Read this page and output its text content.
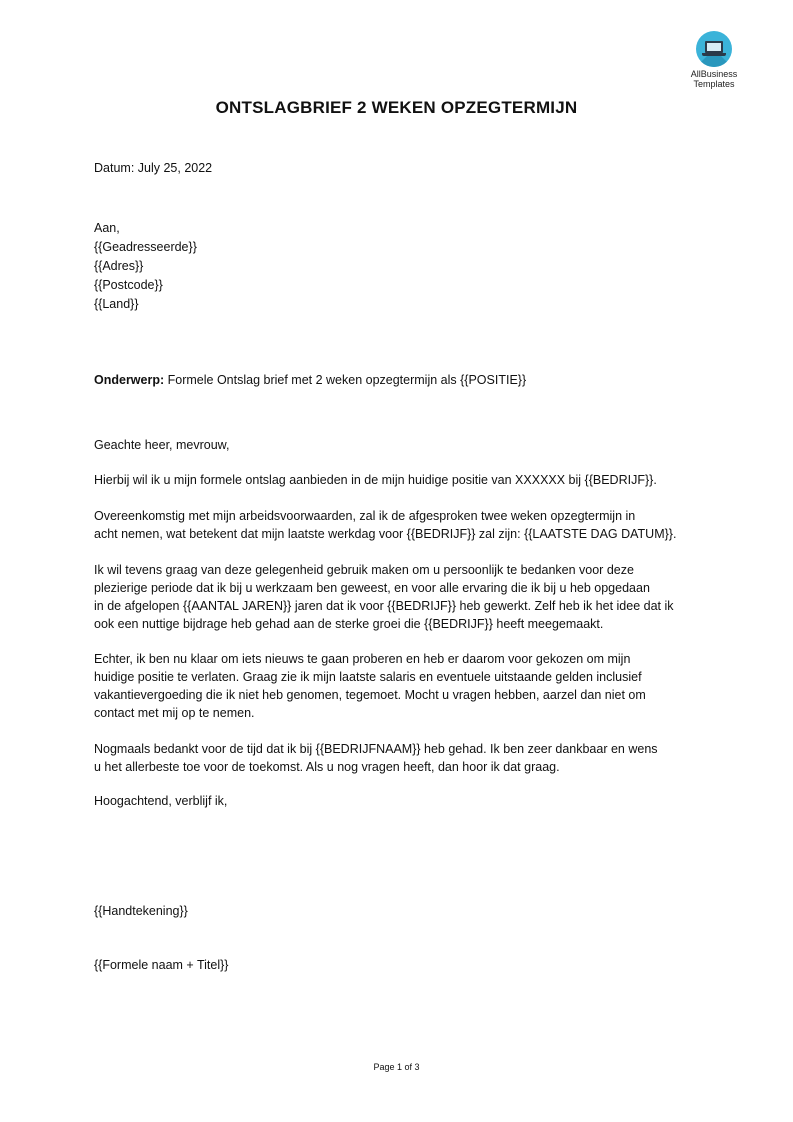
AllBusiness
Templates
ONTSLAGBRIEF 2 WEKEN OPZEGTERMIJN
Datum: July 25, 2022
Aan,
{{Geadresseerde}}
{{Adres}}
{{Postcode}}
{{Land}}
Onderwerp: Formele Ontslag brief met 2 weken opzegtermijn als {{POSITIE}}
Geachte heer, mevrouw,
Hierbij wil ik u mijn formele ontslag aanbieden in de mijn huidige positie van XXXXXX bij {{BEDRIJF}}.
Overeenkomstig met mijn arbeidsvoorwaarden, zal ik de afgesproken twee weken opzegtermijn in
acht nemen, wat betekent dat mijn laatste werkdag voor {{BEDRIJF}} zal zijn: {{LAATSTE DAG DATUM}}.
Ik wil tevens graag van deze gelegenheid gebruik maken om u persoonlijk te bedanken voor deze
plezierige periode dat ik bij u werkzaam ben geweest, en voor alle ervaring die ik bij u heb opgedaan
in de afgelopen {{AANTAL JAREN}} jaren dat ik voor {{BEDRIJF}} heb gewerkt. Zelf heb ik het idee dat ik
ook een nuttige bijdrage heb gehad aan de sterke groei die {{BEDRIJF}} heeft meegemaakt.
Echter, ik ben nu klaar om iets nieuws te gaan proberen en heb er daarom voor gekozen om mijn
huidige positie te verlaten. Graag zie ik mijn laatste salaris en eventuele uitstaande gelden inclusief
vakantievergoeding die ik niet heb genomen, tegemoet. Mocht u vragen hebben, aarzel dan niet om
contact met mij op te nemen.
Nogmaals bedankt voor de tijd dat ik bij {{BEDRIJFNAAM}} heb gehad. Ik ben zeer dankbaar en wens
u het allerbeste toe voor de toekomst. Als u nog vragen heeft, dan hoor ik dat graag.
Hoogachtend, verblijf ik,
{{Handtekening}}
{{Formele naam + Titel}}
Page 1 of 3
